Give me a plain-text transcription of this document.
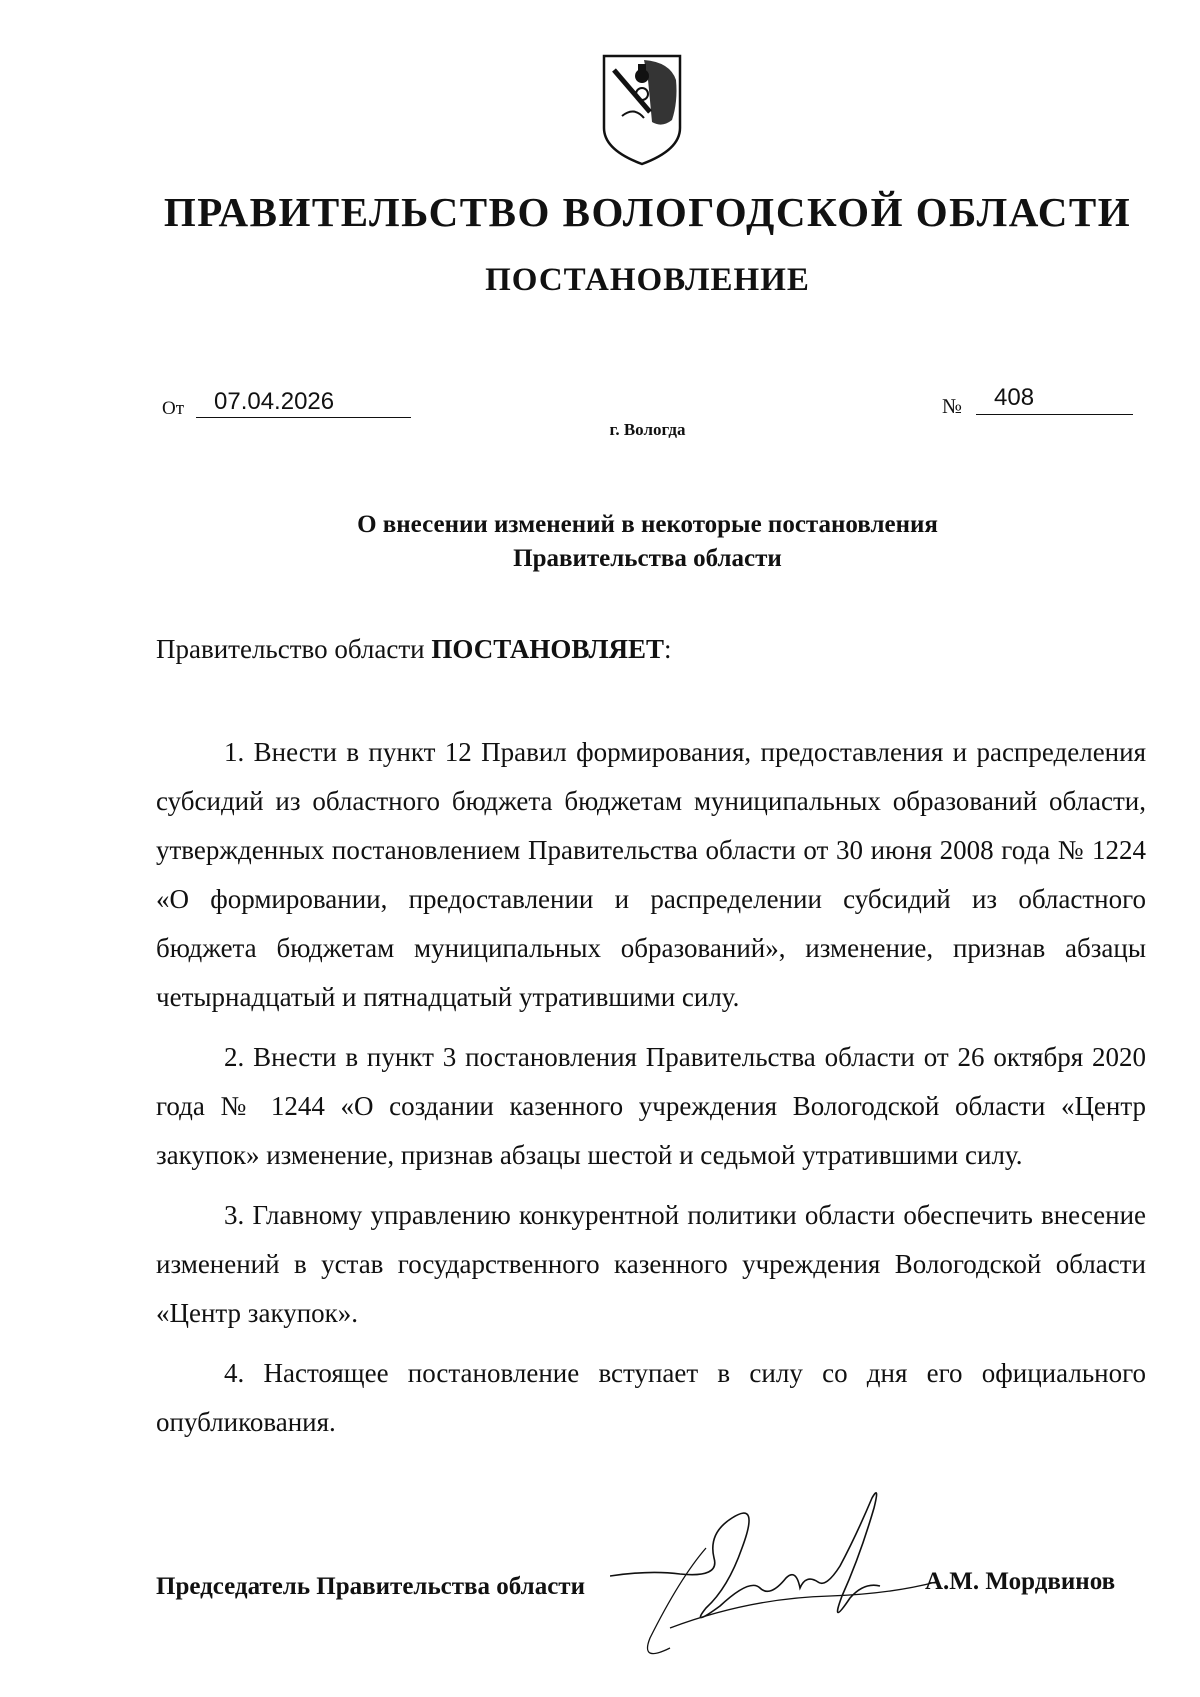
ПРАВИТЕЛЬСТВО ВОЛОГОДСКОЙ ОБЛАСТИ
ПОСТАНОВЛЕНИЕ
От 07.04.2026	№ 408
г. Вологда
О внесении изменений в некоторые постановления
Правительства области
Правительство области ПОСТАНОВЛЯЕТ:

1. Внести в пункт 12 Правил формирования, предоставления и распределения субсидий из областного бюджета бюджетам муниципальных образований области, утвержденных постановлением Правительства области от 30 июня 2008 года № 1224 «О формировании, предоставлении и распределении субсидий из областного бюджета бюджетам муниципальных образований», изменение, признав абзацы четырнадцатый и пятнадцатый утратившими силу.

2. Внести в пункт 3 постановления Правительства области от 26 октября 2020 года № 1244 «О создании казенного учреждения Вологодской области «Центр закупок» изменение, признав абзацы шестой и седьмой утратившими силу.

3. Главному управлению конкурентной политики области обеспечить внесение изменений в устав государственного казенного учреждения Вологодской области «Центр закупок».

4. Настоящее постановление вступает в силу со дня его официального опубликования.

Председатель Правительства области	А.М. Мордвинов
